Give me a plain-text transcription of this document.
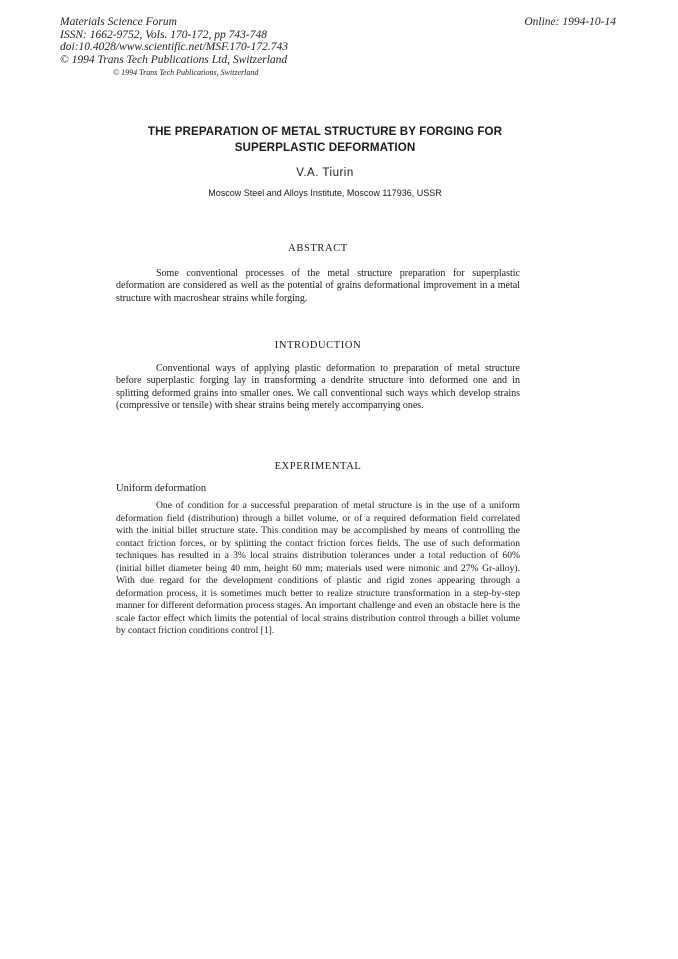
Materials Science Forum
ISSN: 1662-9752, Vols. 170-172, pp 743-748
doi:10.4028/www.scientific.net/MSF.170-172.743
© 1994 Trans Tech Publications Ltd, Switzerland
Online: 1994-10-14
© 1994 Trans Tech Publications, Switzerland
THE PREPARATION OF METAL STRUCTURE BY FORGING FOR SUPERPLASTIC DEFORMATION
V.A. Tiurin
Moscow Steel and Alloys Institute, Moscow 117936, USSR
ABSTRACT

Some conventional processes of the metal structure preparation for superplastic deformation are considered as well as the potential of grains deformational improvement in a metal structure with macroshear strains while forging.

INTRODUCTION

Conventional ways of applying plastic deformation to preparation of metal structure before superplastic forging lay in transforming a dendrite structure into deformed one and in splitting deformed grains into smaller ones. We call conventional such ways which develop strains (compressive or tensile) with shear strains being merely accompanying ones.

EXPERIMENTAL
Uniform deformation

One of condition for a successful preparation of metal structure is in the use of a uniform deformation field (distribution) through a billet volume, or of a required deformation field correlated with the initial billet structure state. This condition may be accomplished by means of controlling the contact friction forces, or by splitting the contact friction forces fields. The use of such deformation techniques has resulted in a 3% local strains distribution tolerances under a total reduction of 60% (initial billet diameter being 40 mm, height 60 mm; materials used were nimonic and 27% Gr-alloy). With due regard for the development conditions of plastic and rigid zones appearing through a deformation process, it is sometimes much better to realize structure transformation in a step-by-step manner for different deformation process stages. An important challenge and even an obstacle here is the scale factor effect which limits the potential of local strains distribution control through a billet volume by contact friction conditions control [1].
